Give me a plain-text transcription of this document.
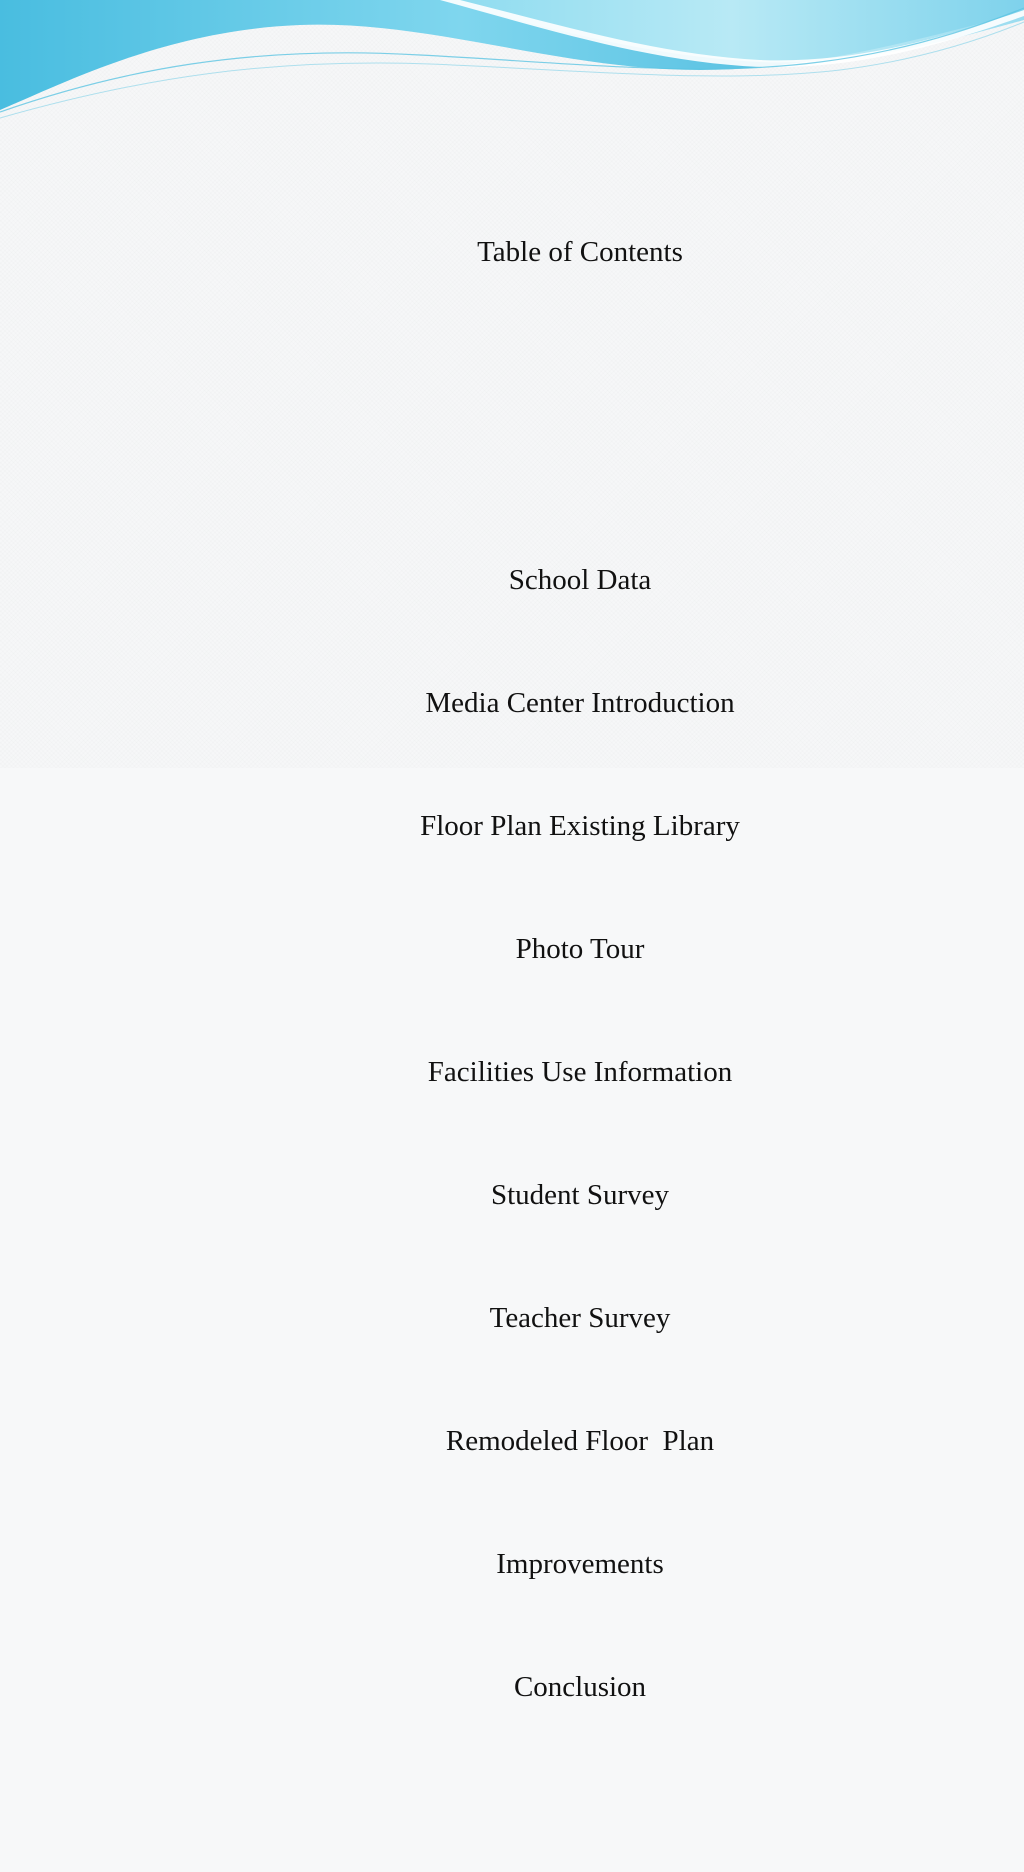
Table of Contents

School Data

Media Center Introduction

Floor Plan Existing Library

Photo Tour

Facilities Use Information

Student Survey

Teacher Survey

Remodeled Floor  Plan

Improvements

Conclusion
